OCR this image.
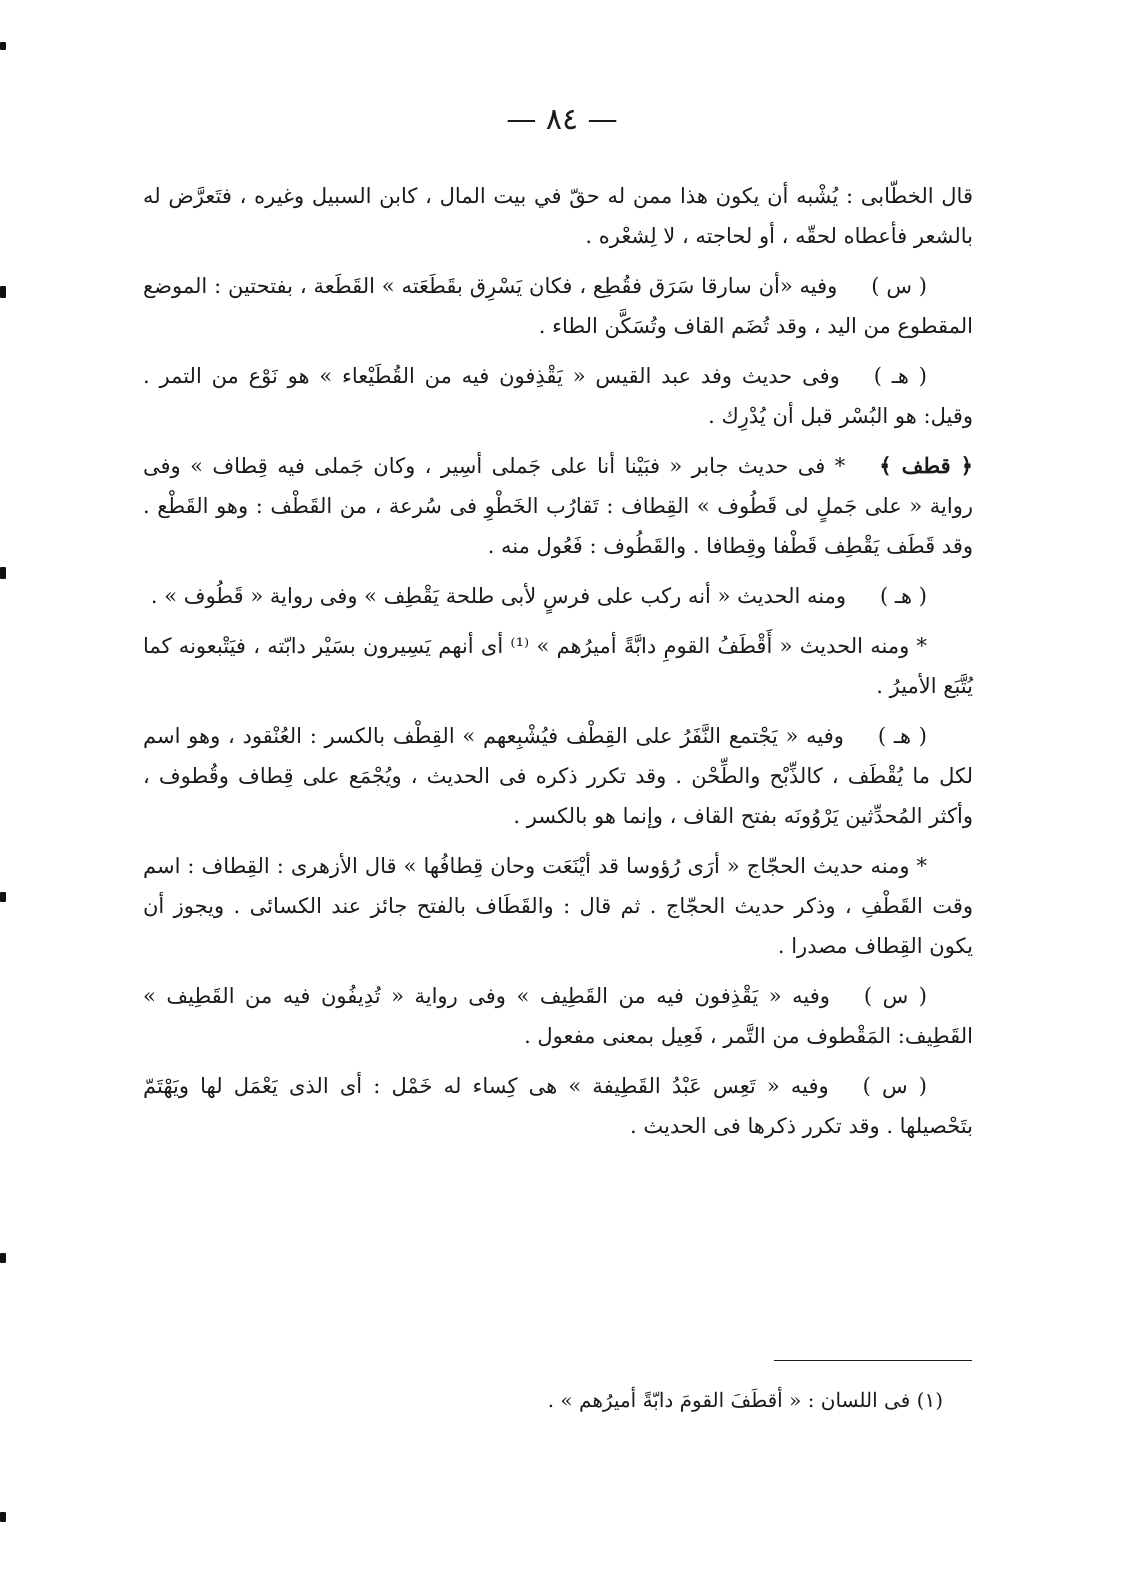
— ٨٤ —

قال الخطّابى : يُشْبه أن يكون هذا ممن له حقّ في بيت المال ، كابن السبيل وغيره ، فتَعرَّض له بالشعر فأعطاه لحقّه ، أو لحاجته ، لا لِشعْره .

( س )وفيه «أن سارقا سَرَق فقُطِع ، فكان يَسْرِق بقَطَعَته » القَطَعة ، بفتحتين : الموضع المقطوع من اليد ، وقد تُضَم القاف وتُسَكَّن الطاء .

( هـ )وفى حديث وفد عبد القيس « يَقْذِفون فيه من القُطَيْعاء » هو نَوْع من التمر . وقيل: هو البُسْر قبل أن يُدْرِك .

﴿ قطف ﴾* فى حديث جابر « فبَيْنا أنا على جَملى أسِير ، وكان جَملى فيه قِطاف » وفى رواية « على جَملٍ لى قَطُوف » القِطاف : تَقارُب الخَطْوِ فى سُرعة ، من القَطْف : وهو القَطْع . وقد قَطَف يَقْطِف قَطْفا وقِطافا . والقَطُوف : فَعُول منه .

( هـ )ومنه الحديث « أنه ركب على فرسٍ لأبى طلحة يَقْطِف » وفى رواية « قَطُوف » .

* ومنه الحديث « أَقْطَفُ القومِ دابَّةً أميرُهم » ⁽¹⁾ أى أنهم يَسِيرون بسَيْر دابّته ، فيَتْبعونه كما يُتَّبَع الأميرُ .

( هـ )وفيه « يَجْتمع النَّفَرُ على القِطْف فيُشْبِعهم » القِطْف بالكسر : العُنْقود ، وهو اسم لكل ما يُقْطَف ، كالذِّبْح والطِّحْن . وقد تكرر ذكره فى الحديث ، ويُجْمَع على قِطاف وقُطوف ، وأكثر المُحدِّثين يَرْوُونَه بفتح القاف ، وإنما هو بالكسر .

* ومنه حديث الحجّاج « أرَى رُؤوسا قد أيْنَعَت وحان قِطافُها » قال الأزهرى : القِطاف : اسم وقت القَطْفِ ، وذكر حديث الحجّاج . ثم قال : والقَطَاف بالفتح جائز عند الكسائى . ويجوز أن يكون القِطاف مصدرا .

( س )وفيه « يَقْذِفون فيه من القَطِيف » وفى رواية « تُدِيفُون فيه من القَطِيف » القَطِيف: المَقْطوف من التَّمر ، فَعِيل بمعنى مفعول .

( س )وفيه « تَعِس عَبْدُ القَطِيفة » هى كِساء له خَمْل : أى الذى يَعْمَل لها ويَهْتَمّ بتَحْصيلها . وقد تكرر ذكرها فى الحديث .

(١) فى اللسان : « أقطَفَ القومَ دابّةً أميرُهم » .
